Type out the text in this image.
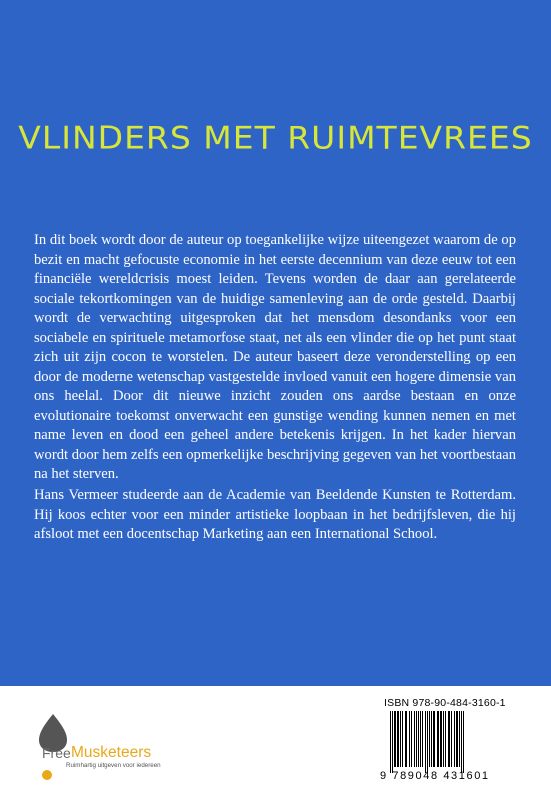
VLINDERS MET RUIMTEVREES
In dit boek wordt door de auteur op toegankelijke wijze uiteengezet waarom de op bezit en macht gefocuste economie in het eerste decennium van deze eeuw tot een financiële wereldcrisis moest leiden. Tevens worden de daar aan gerelateerde sociale tekortkomingen van de huidige samenleving aan de orde gesteld. Daarbij wordt de verwachting uitgesproken dat het mensdom desondanks voor een sociabele en spirituele metamorfose staat, net als een vlinder die op het punt staat zich uit zijn cocon te worstelen. De auteur baseert deze veronderstelling op een door de moderne wetenschap vastgestelde invloed vanuit een hogere dimensie van ons heelal. Door dit nieuwe inzicht zouden ons aardse bestaan en onze evolutionaire toekomst onverwacht een gunstige wending kunnen nemen en met name leven en dood een geheel andere betekenis krijgen. In het kader hiervan wordt door hem zelfs een opmerkelijke beschrijving gegeven van het voortbestaan na het sterven.
Hans Vermeer studeerde aan de Academie van Beeldende Kunsten te Rotterdam. Hij koos echter voor een minder artistieke loopbaan in het bedrijfsleven, die hij afsloot met een docentschap Marketing aan een International School.
Free Musketeers
Ruimhartig uitgeven voor iedereen
ISBN 978-90-484-3160-1
9 789048 431601
